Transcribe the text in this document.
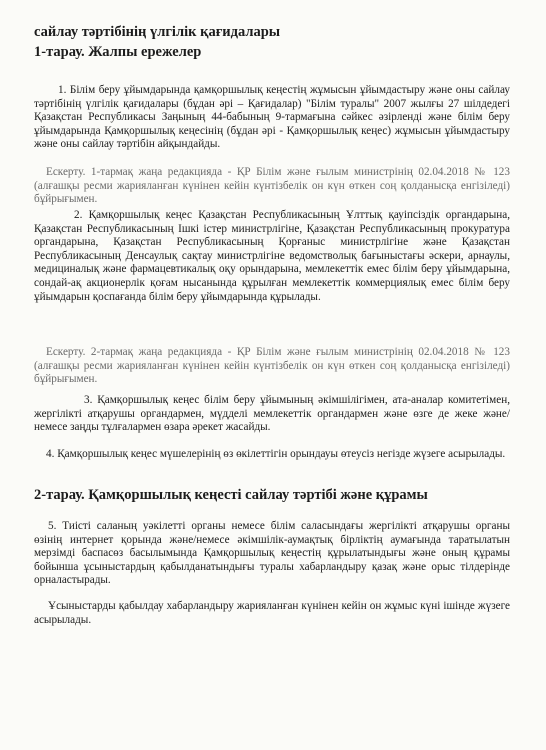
сайлау тәртібінің үлгілік қағидалары
1-тарау. Жалпы ережелер

1. Білім беру ұйымдарында қамқоршылық кеңестің жұмысын ұйымдастыру және оны сайлау тәртібінің үлгілік қағидалары (бұдан әрі – Қағидалар) "Білім туралы" 2007 жылғы 27 шілдедегі Қазақстан Республикасы Заңының 44-бабының 9-тармағына сәйкес әзірленді және білім беру ұйымдарында Қамқоршылық кеңесінің (бұдан әрі - Қамқоршылық кеңес) жұмысын ұйымдастыру және оны сайлау тәртібін айқындайды.

Ескерту. 1-тармақ жаңа редакцияда - ҚР Білім және ғылым министрінің 02.04.2018 № 123 (алғашқы ресми жарияланған күнінен кейін күнтізбелік он күн өткен соң қолданысқа енгізіледі) бұйрығымен.

2. Қамқоршылық кеңес Қазақстан Республикасының Ұлттық қауіпсіздік органдарына, Қазақстан Республикасының Ішкі істер министрлігіне, Қазақстан Республикасының прокуратура органдарына, Қазақстан Республикасының Қорғаныс министрлігіне және Қазақстан Республикасының Денсаулық сақтау министрлігіне ведомстволық бағыныстағы әскери, арнаулы, медициналық және фармацевтикалық оқу орындарына, мемлекеттік емес білім беру ұйымдарына, сондай-ақ акционерлік қоғам нысанында құрылған мемлекеттік коммерциялық емес білім беру ұйымдарын қоспағанда білім беру ұйымдарында құрылады.

Ескерту. 2-тармақ жаңа редакцияда - ҚР Білім және ғылым министрінің 02.04.2018 № 123 (алғашқы ресми жарияланған күнінен кейін күнтізбелік он күн өткен соң қолданысқа енгізіледі) бұйрығымен.

3. Қамқоршылық кеңес білім беру ұйымының әкімшілігімен, ата-аналар комитетімен, жергілікті атқарушы органдармен, мүдделі мемлекеттік органдармен және өзге де жеке және/немесе заңды тұлғалармен өзара әрекет жасайды.

4. Қамқоршылық кеңес мүшелерінің өз өкілеттігін орындауы өтеусіз негізде жүзеге асырылады.

2-тарау. Қамқоршылық кеңесті сайлау тәртібі және құрамы

5. Тиісті саланың уәкілетті органы немесе білім саласындағы жергілікті атқарушы органы өзінің интернет қорында және/немесе әкімшілік-аумақтық бірліктің аумағында таратылатын мерзімді баспасөз басылымында Қамқоршылық кеңестің құрылатындығы және оның құрамы бойынша ұсыныстардың қабылданатындығы туралы хабарландыру қазақ және орыс тілдерінде орналастырады.

Ұсыныстарды қабылдау хабарландыру жарияланған күнінен кейін он жұмыс күні ішінде жүзеге асырылады.
